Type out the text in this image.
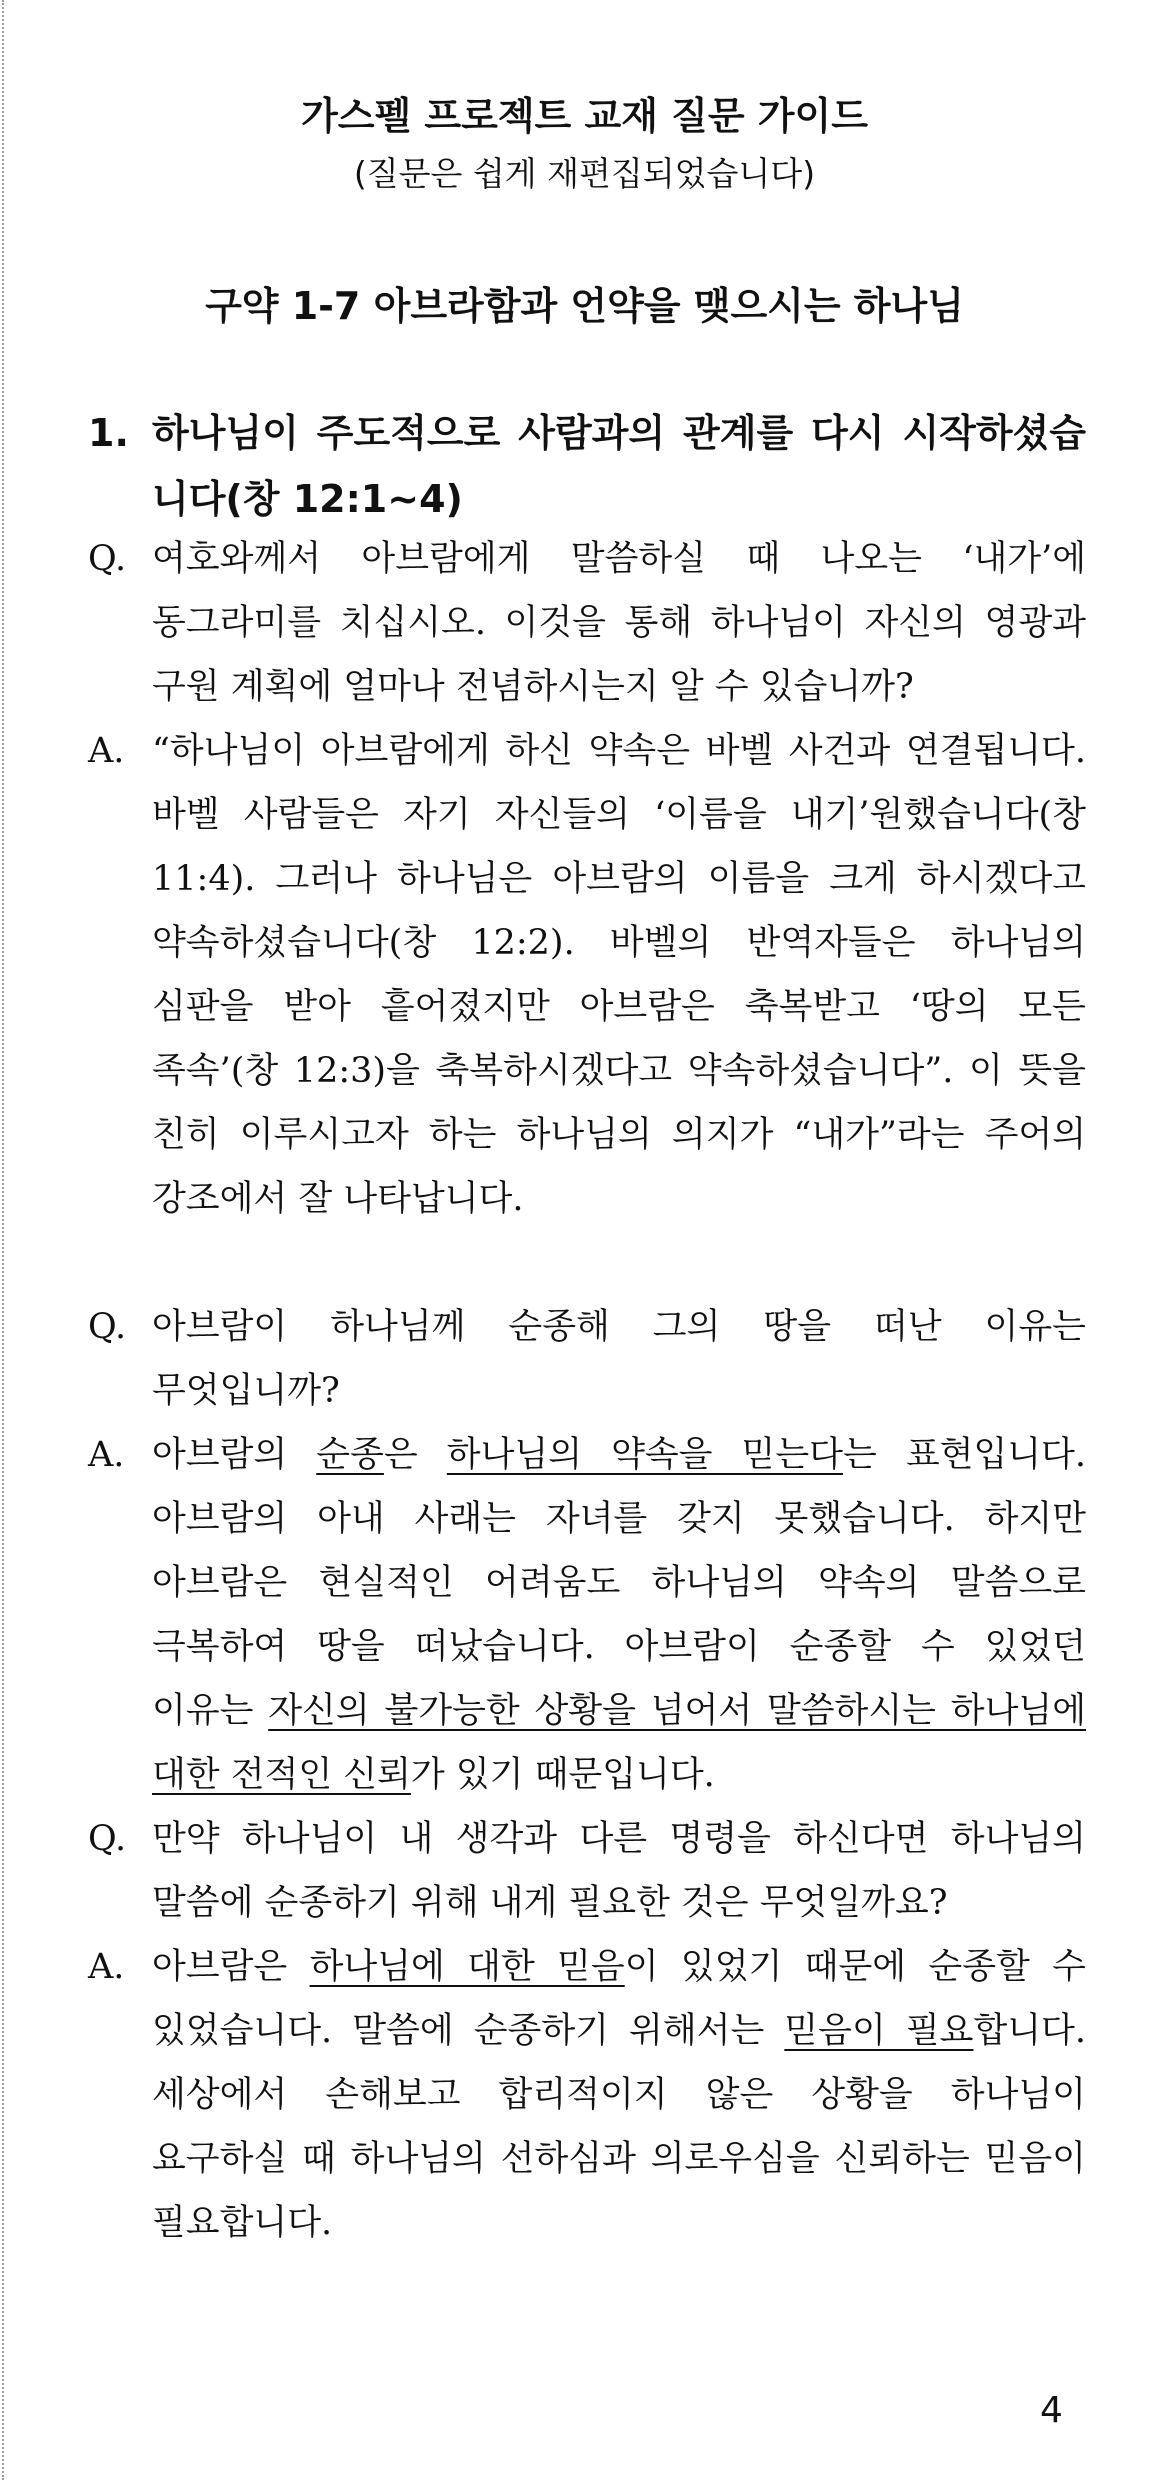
가스펠 프로젝트 교재 질문 가이드
(질문은 쉽게 재편집되었습니다)
구약 1-7 아브라함과 언약을 맺으시는 하나님
1. 하나님이 주도적으로 사람과의 관계를 다시 시작하셨습니다(창 12:1~4)
Q. 여호와께서 아브람에게 말씀하실 때 나오는 ‘내가’에 동그라미를 치십시오. 이것을 통해 하나님이 자신의 영광과 구원 계획에 얼마나 전념하시는지 알 수 있습니까?
A. “하나님이 아브람에게 하신 약속은 바벨 사건과 연결됩니다. 바벨 사람들은 자기 자신들의 ‘이름을 내기’원했습니다(창 11:4). 그러나 하나님은 아브람의 이름을 크게 하시겠다고 약속하셨습니다(창 12:2). 바벨의 반역자들은 하나님의 심판을 받아 흩어졌지만 아브람은 축복받고 ‘땅의 모든 족속’(창 12:3)을 축복하시겠다고 약속하셨습니다”. 이 뜻을 친히 이루시고자 하는 하나님의 의지가 “내가”라는 주어의 강조에서 잘 나타납니다.
Q. 아브람이 하나님께 순종해 그의 땅을 떠난 이유는 무엇입니까?
A. 아브람의 순종은 하나님의 약속을 믿는다는 표현입니다. 아브람의 아내 사래는 자녀를 갖지 못했습니다. 하지만 아브람은 현실적인 어려움도 하나님의 약속의 말씀으로 극복하여 땅을 떠났습니다. 아브람이 순종할 수 있었던 이유는 자신의 불가능한 상황을 넘어서 말씀하시는 하나님에 대한 전적인 신뢰가 있기 때문입니다.
Q. 만약 하나님이 내 생각과 다른 명령을 하신다면 하나님의 말씀에 순종하기 위해 내게 필요한 것은 무엇일까요?
A. 아브람은 하나님에 대한 믿음이 있었기 때문에 순종할 수 있었습니다. 말씀에 순종하기 위해서는 믿음이 필요합니다. 세상에서 손해보고 합리적이지 않은 상황을 하나님이 요구하실 때 하나님의 선하심과 의로우심을 신뢰하는 믿음이 필요합니다.
4
